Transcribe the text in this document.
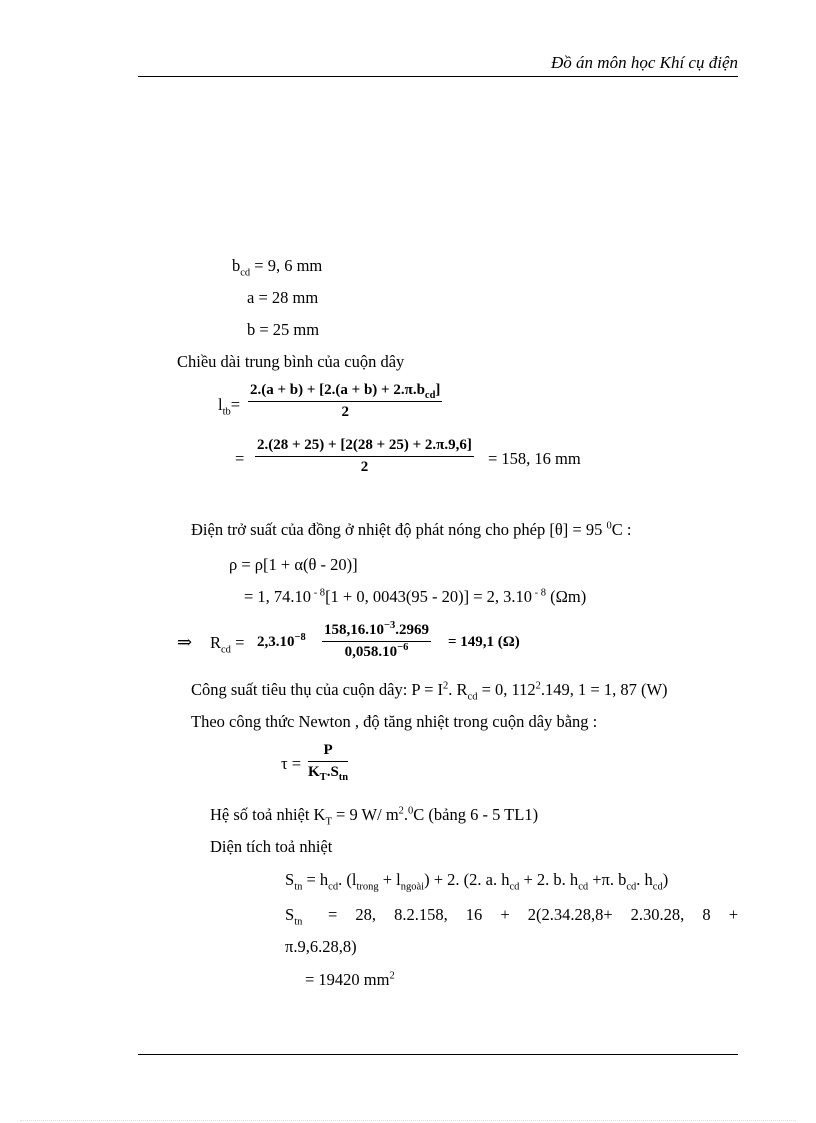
Đồ án môn học Khí cụ điện
$b_{cd} = 9$, 6 mm
a = 28 mm
b = 25 mm
Chiều dài trung bình của cuộn dây
$l_{tb}=$
$2.(a + b) + [2.(a + b) + 2.\pi.b_{cd}]$
2
= $\frac{2.(28 + 25) + [2(28 + 25) + 2.\pi.9,6]}{2} = 158$, 16 mm
Điện trở suất của đồng ở nhiệt độ phát nóng cho phép [θ] = 95 $^0$C :
ρ = ρ[1 + α(θ - 20)]
= 1, 74.10 $^{- 8}$[1 + 0, 0043(95 - 20)] = 2, 3.10 $^{- 8}$ (Ωm)
⇒ $R_{cd} = 2,3.10^{-8} \frac{158,16.10^{-3}.2969}{0,058.10^{-6}} = 149,1$ (Ω)
Công suất tiêu thụ của cuộn dây: $P = I^2$. $R_{cd} = 0$, $112^2.149$, 1 = 1, 87 (W)
Theo công thức Newton , độ tăng nhiệt trong cuộn dây bằng :
τ =
P
$K_T.S_{tn}$
Hệ số toả nhiệt $K_T = 9$ W/ $m^2.^0C$ (bảng 6 - 5 TL1)
Diện tích toả nhiệt
$S_{tn} = h_{cd}$. $(l_{trong} + l_{ngoài}) + 2$. (2. a. $h_{cd} + 2$. b. $h_{cd} +\pi$. $b_{cd}$. $h_{cd}$)
$S_{tn} = 28$, 8.2.158, 16 + 2(2.34.28,8+ 2.30.28, 8 +
π.9,6.28,8)
= 19420 $mm^2$
